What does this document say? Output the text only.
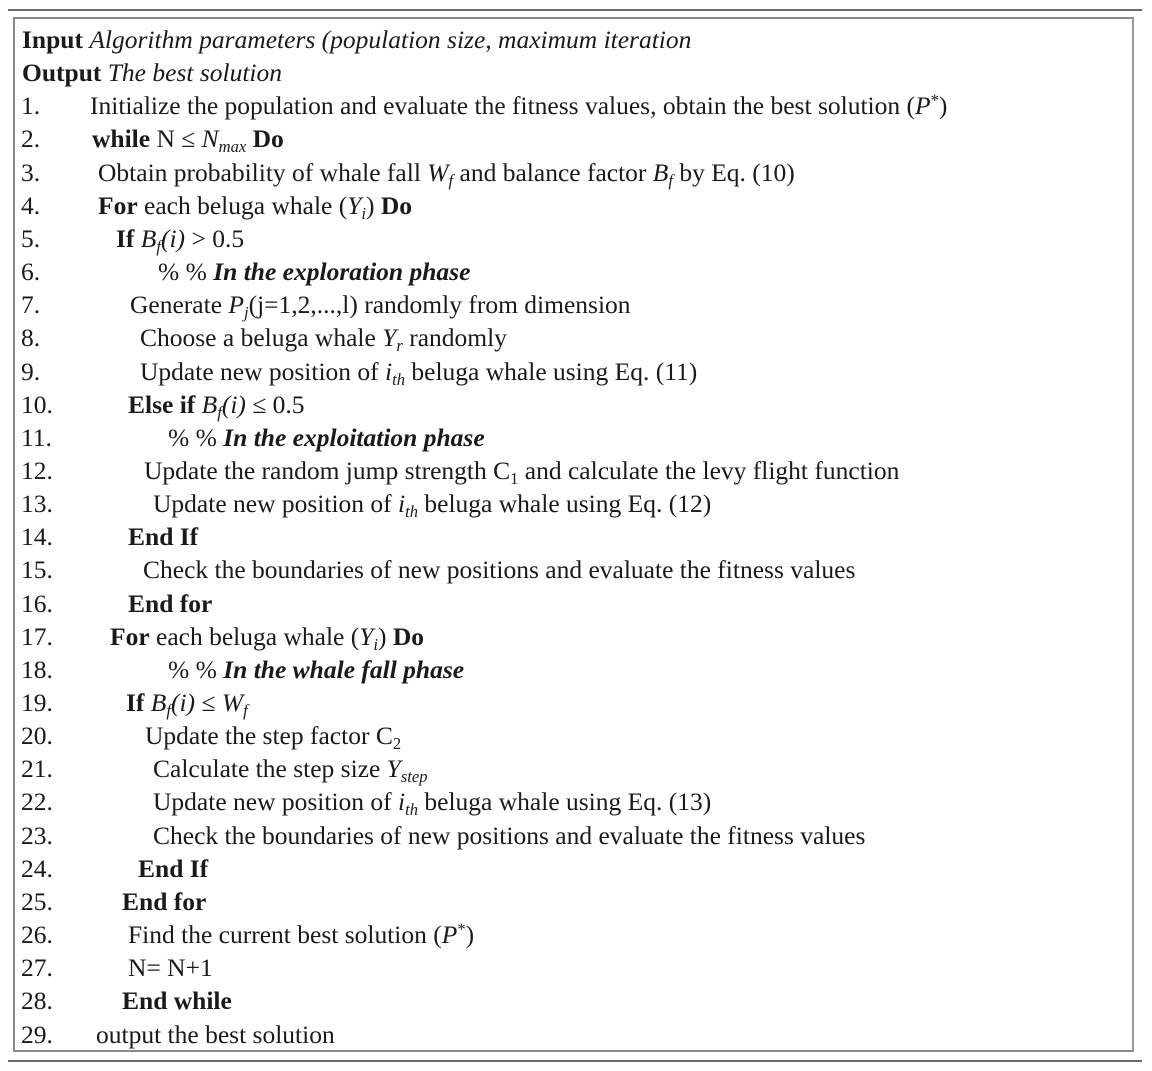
Input Algorithm parameters (population size, maximum iteration
Output The best solution
1. Initialize the population and evaluate the fitness values, obtain the best solution (P*)
2. while $N \le N_{max}$ Do
3. Obtain probability of whale fall $W_f$ and balance factor $B_f$ by Eq. (10)
4. For each beluga whale $(Y_i)$ Do
5.	If $B_f(i) > 0.5$
6.	% % In the exploration phase
7.	Generate $P_j(j=1,2,...,l)$ randomly from dimension
8.	Choose a beluga whale $Y_r$ randomly
9.	Update new position of $i_{th}$ beluga whale using Eq. (11)
10.	Else if $B_f(i) \le 0.5$
11.	% % In the exploitation phase
12.	Update the random jump strength $C_1$ and calculate the levy flight function
13.	Update new position of $i_{th}$ beluga whale using Eq. (12)
14.	End If
15.	Check the boundaries of new positions and evaluate the fitness values
16.	End for
17. For each beluga whale $(Y_i)$ Do
18.	% % In the whale fall phase
19.	If $B_f(i) \le W_f$
20.	Update the step factor $C_2$
21.	Calculate the step size $Y_{step}$
22.	Update new position of $i_{th}$ beluga whale using Eq. (13)
23.	Check the boundaries of new positions and evaluate the fitness values
24.	End If
25.	End for
26.	Find the current best solution (P*)
27.	N= N+1
28.	End while
29. output the best solution
